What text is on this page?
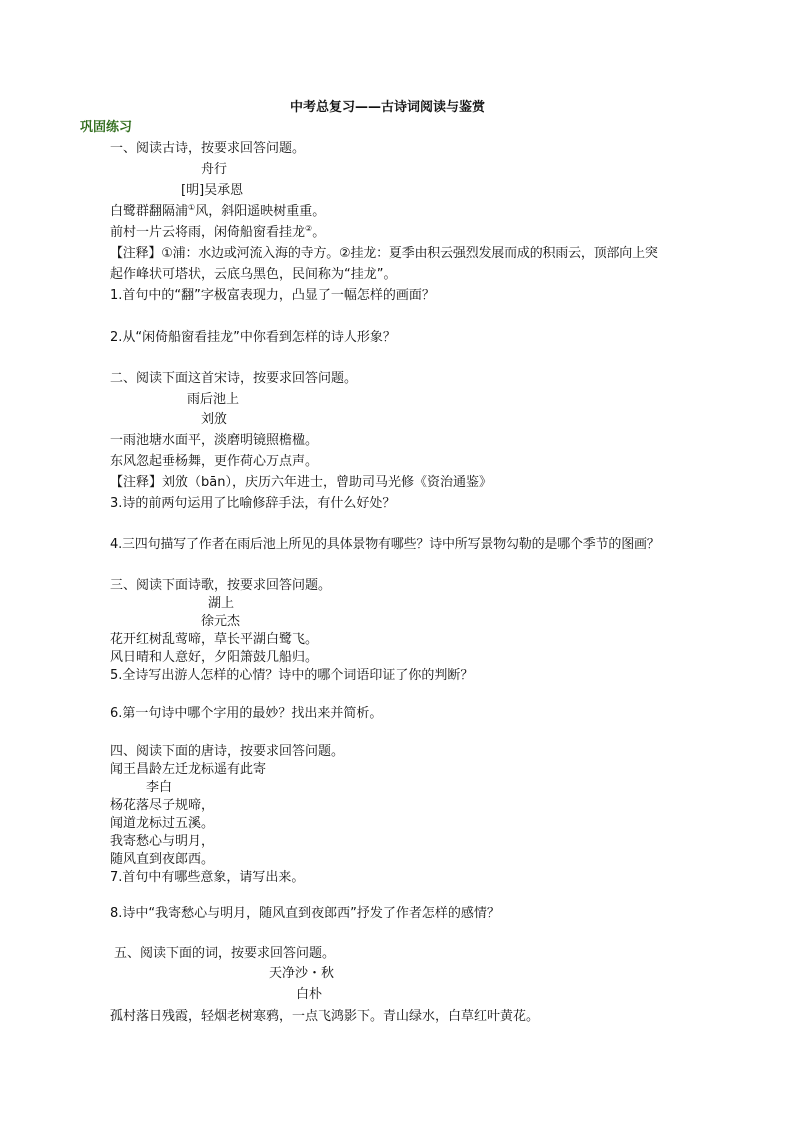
中考总复习——古诗词阅读与鉴赏
巩固练习
一、阅读古诗，按要求回答问题。
舟行
[明]吴承恩
白鹭群翻隔浦①风，斜阳遥映树重重。
前村一片云将雨，闲倚船窗看挂龙②。
【注释】①浦：水边或河流入海的寺方。②挂龙：夏季由积云强烈发展而成的积雨云，顶部向上突
起作峰状可塔状，云底乌黑色，民间称为“挂龙”。
1.首句中的“翻”字极富表现力，凸显了一幅怎样的画面？
2.从“闲倚船窗看挂龙”中你看到怎样的诗人形象？
二、阅读下面这首宋诗，按要求回答问题。
雨后池上
刘攽
一雨池塘水面平，淡磨明镜照檐楹。
东风忽起垂杨舞，更作荷心万点声。
【注释】刘攽（bān），庆历六年进士，曾助司马光修《资治通鉴》
3.诗的前两句运用了比喻修辞手法，有什么好处？
4.三四句描写了作者在雨后池上所见的具体景物有哪些？诗中所写景物勾勒的是哪个季节的图画？
三、阅读下面诗歌，按要求回答问题。
湖上
徐元杰
花开红树乱莺啼，草长平湖白鹭飞。
风日晴和人意好，夕阳箫鼓几船归。
5.全诗写出游人怎样的心情？诗中的哪个词语印证了你的判断？
6.第一句诗中哪个字用的最妙？找出来并简析。
四、阅读下面的唐诗，按要求回答问题。
闻王昌龄左迁龙标遥有此寄
李白
杨花落尽子规啼，
闻道龙标过五溪。
我寄愁心与明月，
随风直到夜郎西。
7.首句中有哪些意象，请写出来。
8.诗中“我寄愁心与明月，随风直到夜郎西”抒发了作者怎样的感情？
五、阅读下面的词，按要求回答问题。
天净沙・秋
白朴
孤村落日残霞，轻烟老树寒鸦，一点飞鸿影下。青山绿水，白草红叶黄花。
